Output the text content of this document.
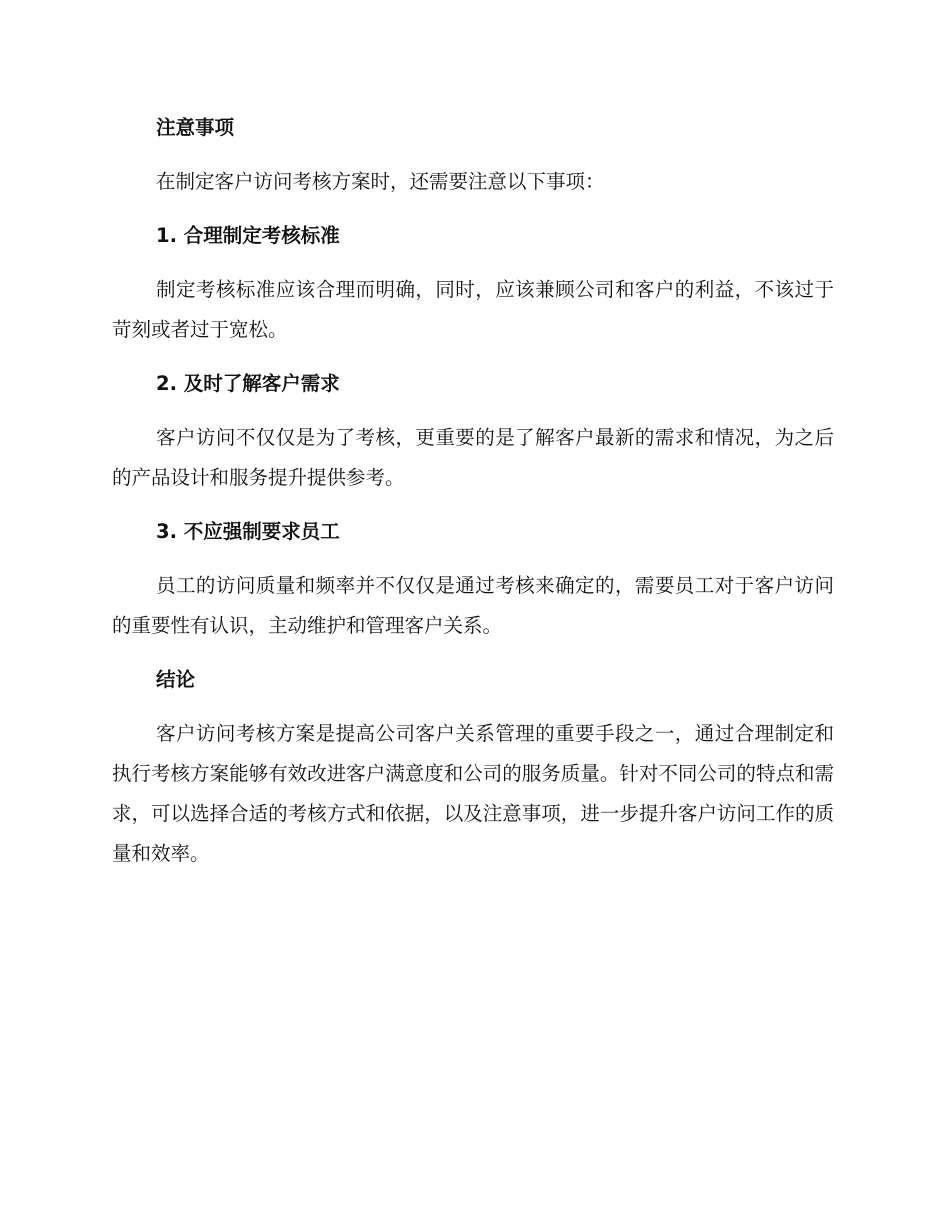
注意事项

在制定客户访问考核方案时，还需要注意以下事项：

1. 合理制定考核标准

制定考核标准应该合理而明确，同时，应该兼顾公司和客户的利益，不该过于苛刻或者过于宽松。

2. 及时了解客户需求

客户访问不仅仅是为了考核，更重要的是了解客户最新的需求和情况，为之后的产品设计和服务提升提供参考。

3. 不应强制要求员工

员工的访问质量和频率并不仅仅是通过考核来确定的，需要员工对于客户访问的重要性有认识，主动维护和管理客户关系。

结论

客户访问考核方案是提高公司客户关系管理的重要手段之一，通过合理制定和执行考核方案能够有效改进客户满意度和公司的服务质量。针对不同公司的特点和需求，可以选择合适的考核方式和依据，以及注意事项，进一步提升客户访问工作的质量和效率。
